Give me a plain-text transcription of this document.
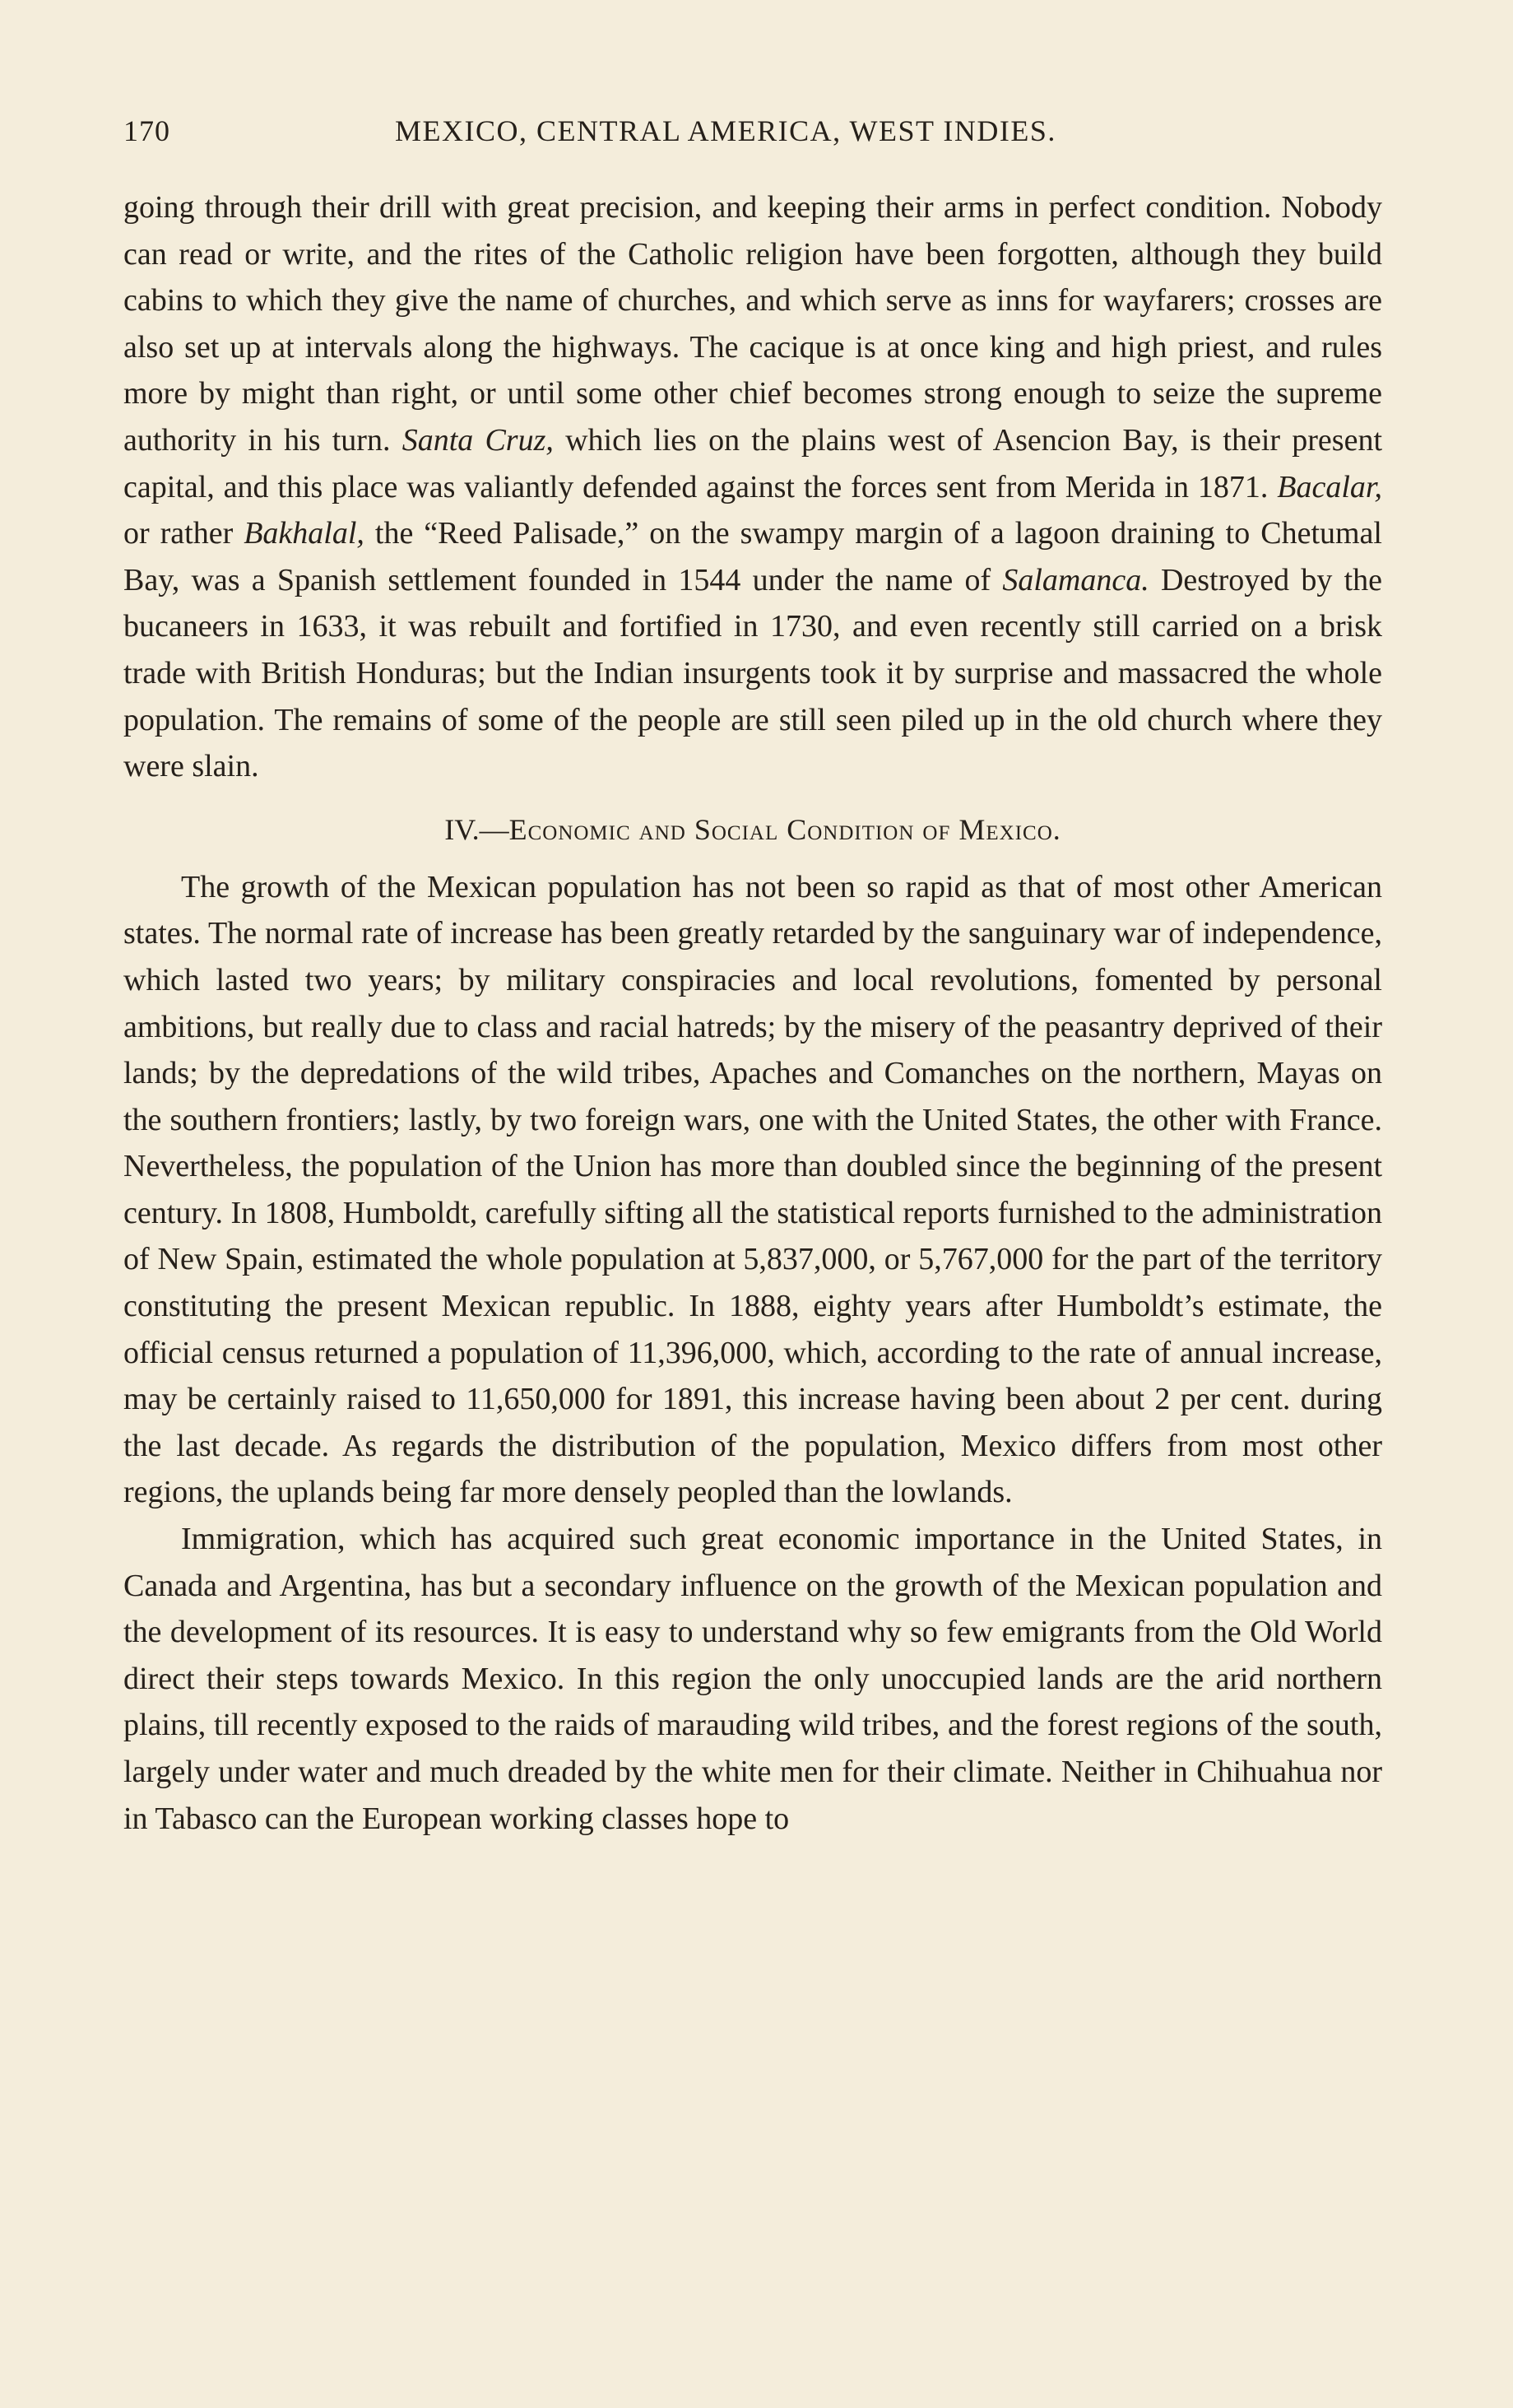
170	MEXICO, CENTRAL AMERICA, WEST INDIES.

going through their drill with great precision, and keeping their arms in perfect condition. Nobody can read or write, and the rites of the Catholic religion have been forgotten, although they build cabins to which they give the name of churches, and which serve as inns for wayfarers; crosses are also set up at intervals along the highways. The cacique is at once king and high priest, and rules more by might than right, or until some other chief becomes strong enough to seize the supreme authority in his turn. Santa Cruz, which lies on the plains west of Asencion Bay, is their present capital, and this place was valiantly defended against the forces sent from Merida in 1871. Bacalar, or rather Bakhalal, the “Reed Palisade,” on the swampy margin of a lagoon draining to Chetumal Bay, was a Spanish settlement founded in 1544 under the name of Salamanca. Destroyed by the bucaneers in 1633, it was rebuilt and fortified in 1730, and even recently still carried on a brisk trade with British Honduras; but the Indian insurgents took it by surprise and massacred the whole population. The remains of some of the people are still seen piled up in the old church where they were slain.

IV.—Economic and Social Condition of Mexico.

The growth of the Mexican population has not been so rapid as that of most other American states. The normal rate of increase has been greatly retarded by the sanguinary war of independence, which lasted two years; by military conspiracies and local revolutions, fomented by personal ambitions, but really due to class and racial hatreds; by the misery of the peasantry deprived of their lands; by the depredations of the wild tribes, Apaches and Comanches on the northern, Mayas on the southern frontiers; lastly, by two foreign wars, one with the United States, the other with France. Nevertheless, the population of the Union has more than doubled since the beginning of the present century. In 1808, Humboldt, carefully sifting all the statistical reports furnished to the administration of New Spain, estimated the whole population at 5,837,000, or 5,767,000 for the part of the territory constituting the present Mexican republic. In 1888, eighty years after Humboldt’s estimate, the official census returned a population of 11,396,000, which, according to the rate of annual increase, may be certainly raised to 11,650,000 for 1891, this increase having been about 2 per cent. during the last decade. As regards the distribution of the population, Mexico differs from most other regions, the uplands being far more densely peopled than the lowlands.

Immigration, which has acquired such great economic importance in the United States, in Canada and Argentina, has but a secondary influence on the growth of the Mexican population and the development of its resources. It is easy to understand why so few emigrants from the Old World direct their steps towards Mexico. In this region the only unoccupied lands are the arid northern plains, till recently exposed to the raids of marauding wild tribes, and the forest regions of the south, largely under water and much dreaded by the white men for their climate. Neither in Chihuahua nor in Tabasco can the European working classes hope to
